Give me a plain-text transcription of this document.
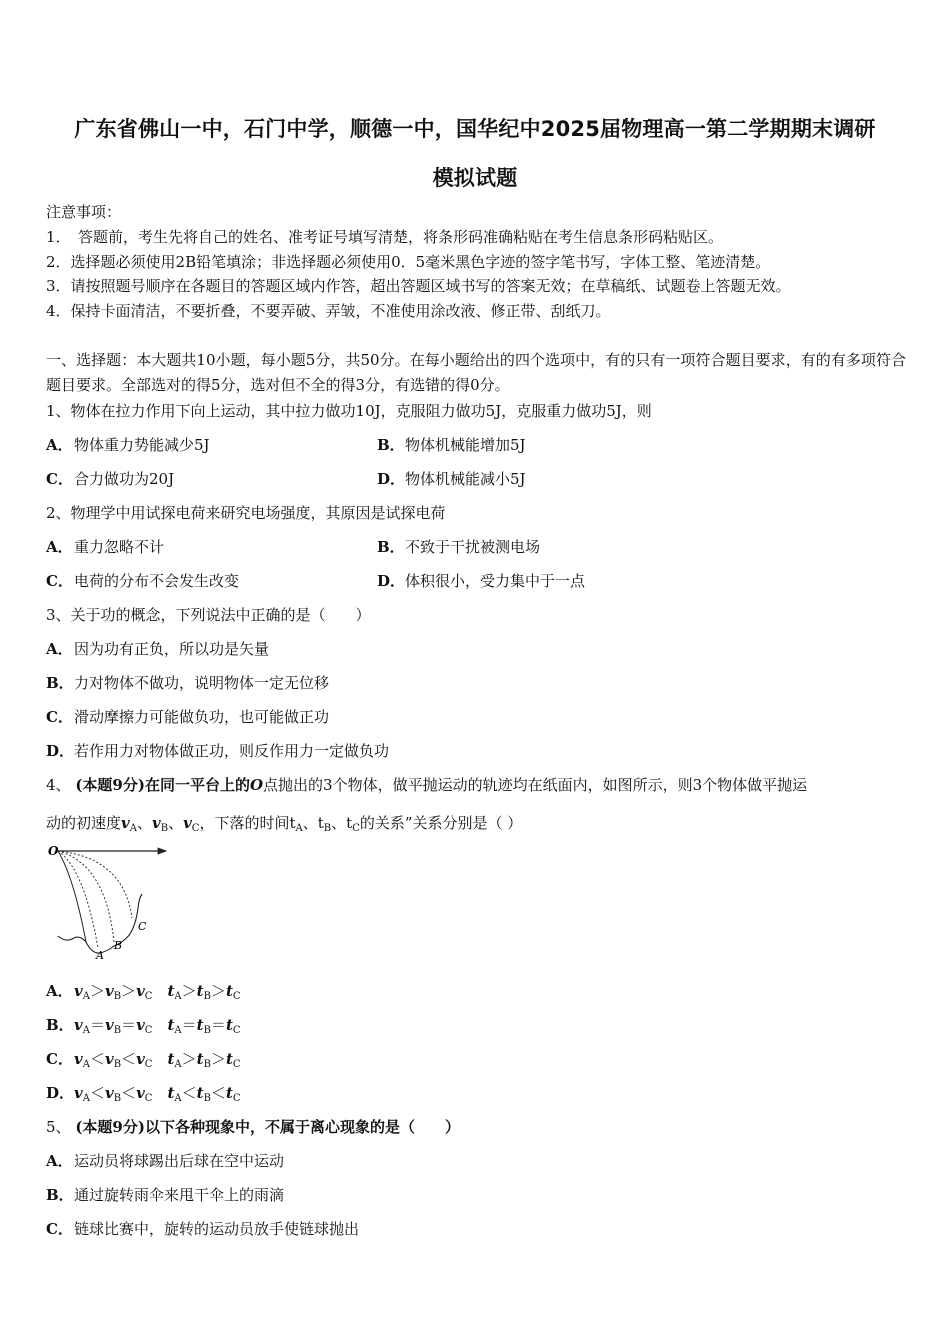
广东省佛山一中，石门中学，顺德一中，国华纪中2025届物理高一第二学期期末调研
模拟试题
注意事项：
1．　答题前，考生先将自己的姓名、准考证号填写清楚，将条形码准确粘贴在考生信息条形码粘贴区。
2．选择题必须使用2B铅笔填涂；非选择题必须使用0．5毫米黑色字迹的签字笔书写，字体工整、笔迹清楚。
3．请按照题号顺序在各题目的答题区域内作答，超出答题区域书写的答案无效；在草稿纸、试题卷上答题无效。
4．保持卡面清洁，不要折叠，不要弄破、弄皱，不准使用涂改液、修正带、刮纸刀。
一、选择题：本大题共10小题，每小题5分，共50分。在每小题给出的四个选项中，有的只有一项符合题目要求，有的有多项符合题目要求。全部选对的得5分，选对但不全的得3分，有选错的得0分。
1、物体在拉力作用下向上运动，其中拉力做功10J，克服阻力做功5J，克服重力做功5J，则
A．物体重力势能减少5J	B．物体机械能增加5J
C．合力做功为20J	D．物体机械能减小5J
2、物理学中用试探电荷来研究电场强度，其原因是试探电荷
A．重力忽略不计	B．不致于干扰被测电场
C．电荷的分布不会发生改变	D．体积很小，受力集中于一点
3、关于功的概念，下列说法中正确的是（　　）
A．因为功有正负，所以功是矢量
B．力对物体不做功，说明物体一定无位移
C．滑动摩擦力可能做负功，也可能做正功
D．若作用力对物体做正功，则反作用力一定做负功
4、 (本题9分)在同一平台上的O点抛出的3个物体，做平抛运动的轨迹均在纸面内，如图所示，则3个物体做平抛运
动的初速度$v_A$、$v_B$、$v_C$，下落的时间$t_A$、$t_B$、$t_C$的关系”关系分别是（ ）
O
A
B
C
A．$v_A>v_B>v_C$  $t_A>t_B>t_C$
B．$v_A=v_B=v_C$  $t_A=t_B=t_C$
C．$v_A<v_B<v_C$  $t_A>t_B>t_C$
D．$v_A<v_B<v_C$  $t_A<t_B<t_C$
5、 (本题9分)以下各种现象中，不属于离心现象的是（　　）
A．运动员将球踢出后球在空中运动
B．通过旋转雨伞来甩干伞上的雨滴
C．链球比赛中，旋转的运动员放手使链球抛出
